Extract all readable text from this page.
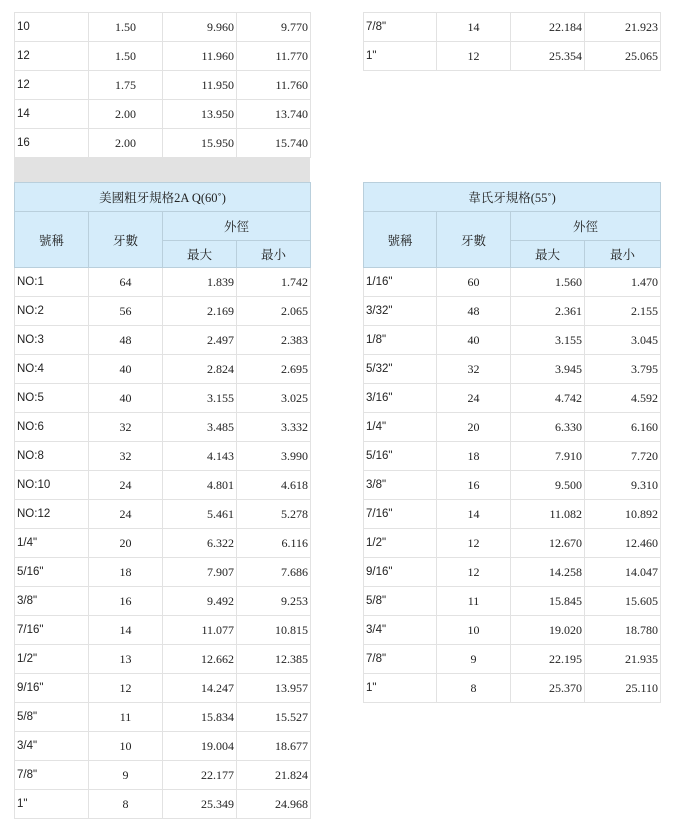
10	1.50	9.960	9.770
12	1.50	11.960	11.770
12	1.75	11.950	11.760
14	2.00	13.950	13.740
16	2.00	15.950	15.740
7/8"	14	22.184	21.923
1"	12	25.354	25.065
美國粗牙規格2A Q(60˚)			
號稱	牙數	外徑	
		最大	最小
NO:1	64	1.839	1.742
NO:2	56	2.169	2.065
NO:3	48	2.497	2.383
NO:4	40	2.824	2.695
NO:5	40	3.155	3.025
NO:6	32	3.485	3.332
NO:8	32	4.143	3.990
NO:10	24	4.801	4.618
NO:12	24	5.461	5.278
1/4"	20	6.322	6.116
5/16"	18	7.907	7.686
3/8"	16	9.492	9.253
7/16"	14	11.077	10.815
1/2"	13	12.662	12.385
9/16"	12	14.247	13.957
5/8"	11	15.834	15.527
3/4"	10	19.004	18.677
7/8"	9	22.177	21.824
1"	8	25.349	24.968
韋氏牙規格(55˚)			
號稱	牙數	外徑	
		最大	最小
1/16"	60	1.560	1.470
3/32"	48	2.361	2.155
1/8"	40	3.155	3.045
5/32"	32	3.945	3.795
3/16"	24	4.742	4.592
1/4"	20	6.330	6.160
5/16"	18	7.910	7.720
3/8"	16	9.500	9.310
7/16"	14	11.082	10.892
1/2"	12	12.670	12.460
9/16"	12	14.258	14.047
5/8"	11	15.845	15.605
3/4"	10	19.020	18.780
7/8"	9	22.195	21.935
1"	8	25.370	25.110
